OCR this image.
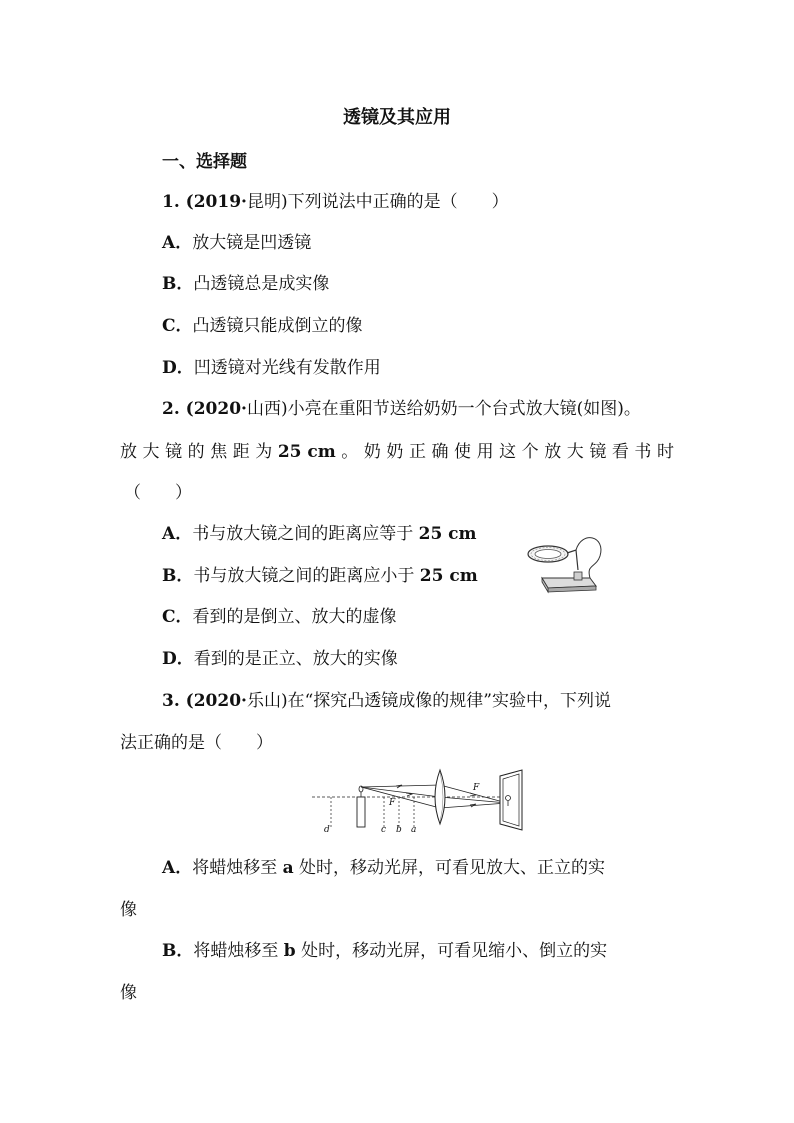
透镜及其应用
一、选择题
1. (2019·昆明)下列说法中正确的是（　　）
A．放大镜是凹透镜
B．凸透镜总是成实像
C．凸透镜只能成倒立的像
D．凹透镜对光线有发散作用
2. (2020·山西)小亮在重阳节送给奶奶一个台式放大镜(如图)。
放 大 镜 的 焦 距 为 25 cm 。 奶 奶 正 确 使 用 这 个 放 大 镜 看 书 时
（　　）
A．书与放大镜之间的距离应等于 25 cm
B．书与放大镜之间的距离应小于 25 cm
C．看到的是倒立、放大的虚像
D．看到的是正立、放大的实像
3. (2020·乐山)在“探究凸透镜成像的规律”实验中，下列说
法正确的是（　　）
d	c b a
F
F
A．将蜡烛移至 a 处时，移动光屏，可看见放大、正立的实
像
B．将蜡烛移至 b 处时，移动光屏，可看见缩小、倒立的实
像
